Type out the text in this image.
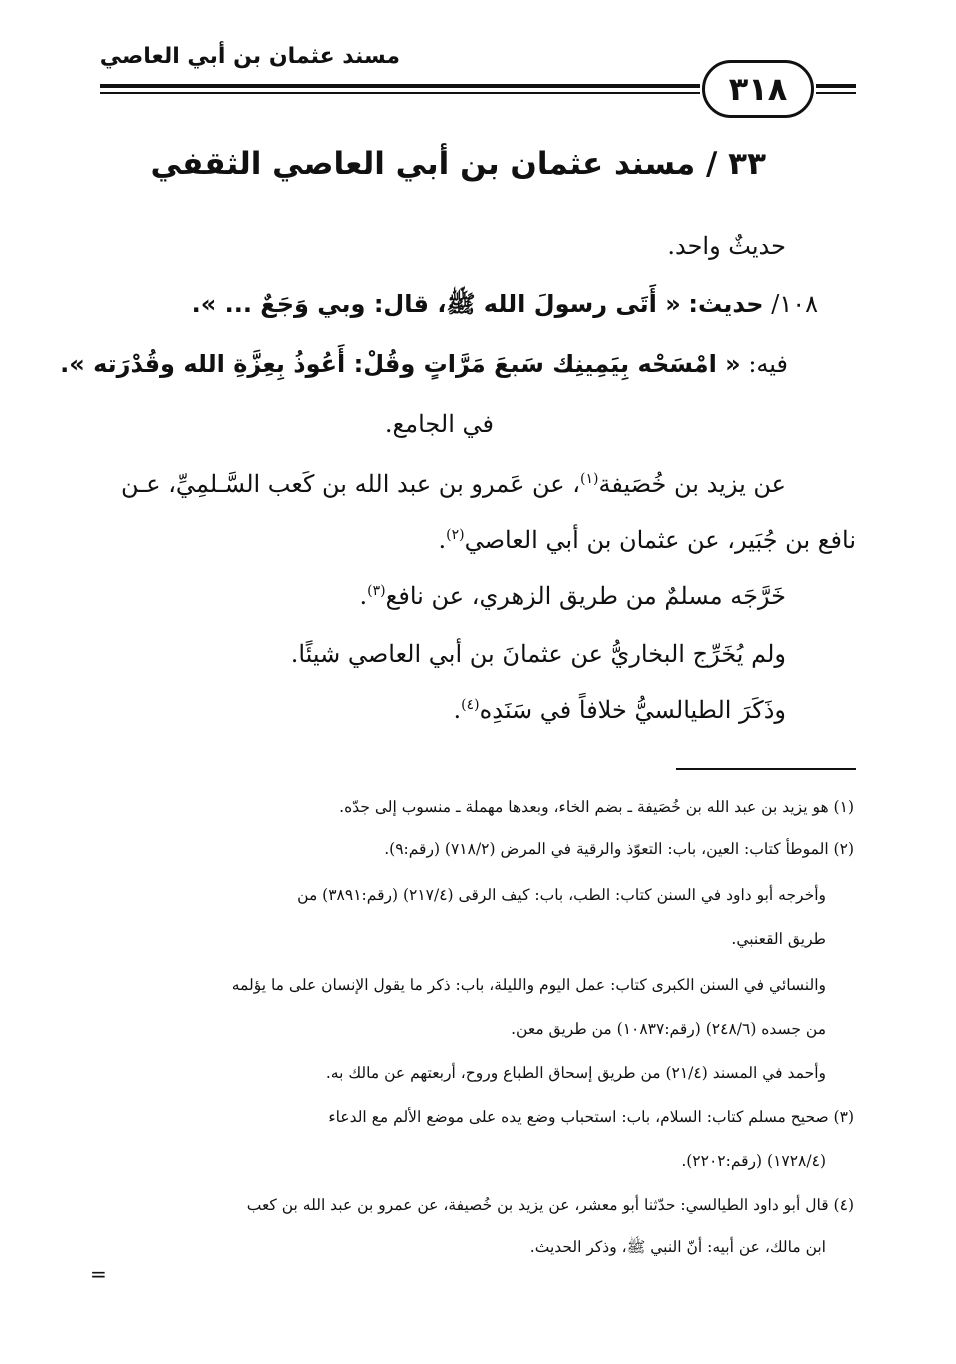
مسند عثمان بن أبي العاصي
٣١٨
٣٣ / مسند عثمان بن أبي العاصي الثقفي
حديثٌ واحد.
١٠٨/ حديث: « أَتَى رسولَ الله ﷺ، قال: وبي وَجَعٌ ... ».
فيه: « امْسَحْه بِيَمِينِك سَبعَ مَرَّاتٍ وقُلْ: أَعُوذُ بِعِزَّةِ الله وقُدْرَته ».
في الجامع.
عن يزيد بن خُصَيفة$^{(١)}$، عن عَمرو بن عبد الله بن كَعب السَّـلمِيِّ، عـن
نافع بن جُبَير، عن عثمان بن أبي العاصي$^{(٢)}$.
خَرَّجَه مسلمٌ من طريق الزهري، عن نافع$^{(٣)}$.
ولم يُخَرِّج البخاريُّ عن عثمانَ بن أبي العاصي شيئًا.
وذَكَرَ الطيالسيُّ خلافاً في سَنَدِه$^{(٤)}$.
(١) هو يزيد بن عبد الله بن خُصَيفة ـ بضم الخاء، وبعدها مهملة ـ منسوب إلى جدّه.
(٢) الموطأ كتاب: العين، باب: التعوّذ والرقية في المرض (٧١٨/٢) (رقم:٩).
وأخرجه أبو داود في السنن كتاب: الطب، باب: كيف الرقى (٢١٧/٤) (رقم:٣٨٩١) من
طريق القعنبي.
والنسائي في السنن الكبرى كتاب: عمل اليوم والليلة، باب: ذكر ما يقول الإنسان على ما يؤلمه
من جسده (٢٤٨/٦) (رقم:١٠٨٣٧) من طريق معن.
وأحمد في المسند (٢١/٤) من طريق إسحاق الطباع وروح، أربعتهم عن مالك به.
(٣) صحيح مسلم كتاب: السلام، باب: استحباب وضع يده على موضع الألم مع الدعاء
(١٧٢٨/٤) (رقم:٢٢٠٢).
(٤) قال أبو داود الطيالسي: حدّثنا أبو معشر، عن يزيد بن خُصيفة، عن عمرو بن عبد الله بن كعب
ابن مالك، عن أبيه: أنّ النبي ﷺ، وذكر الحديث.
=
